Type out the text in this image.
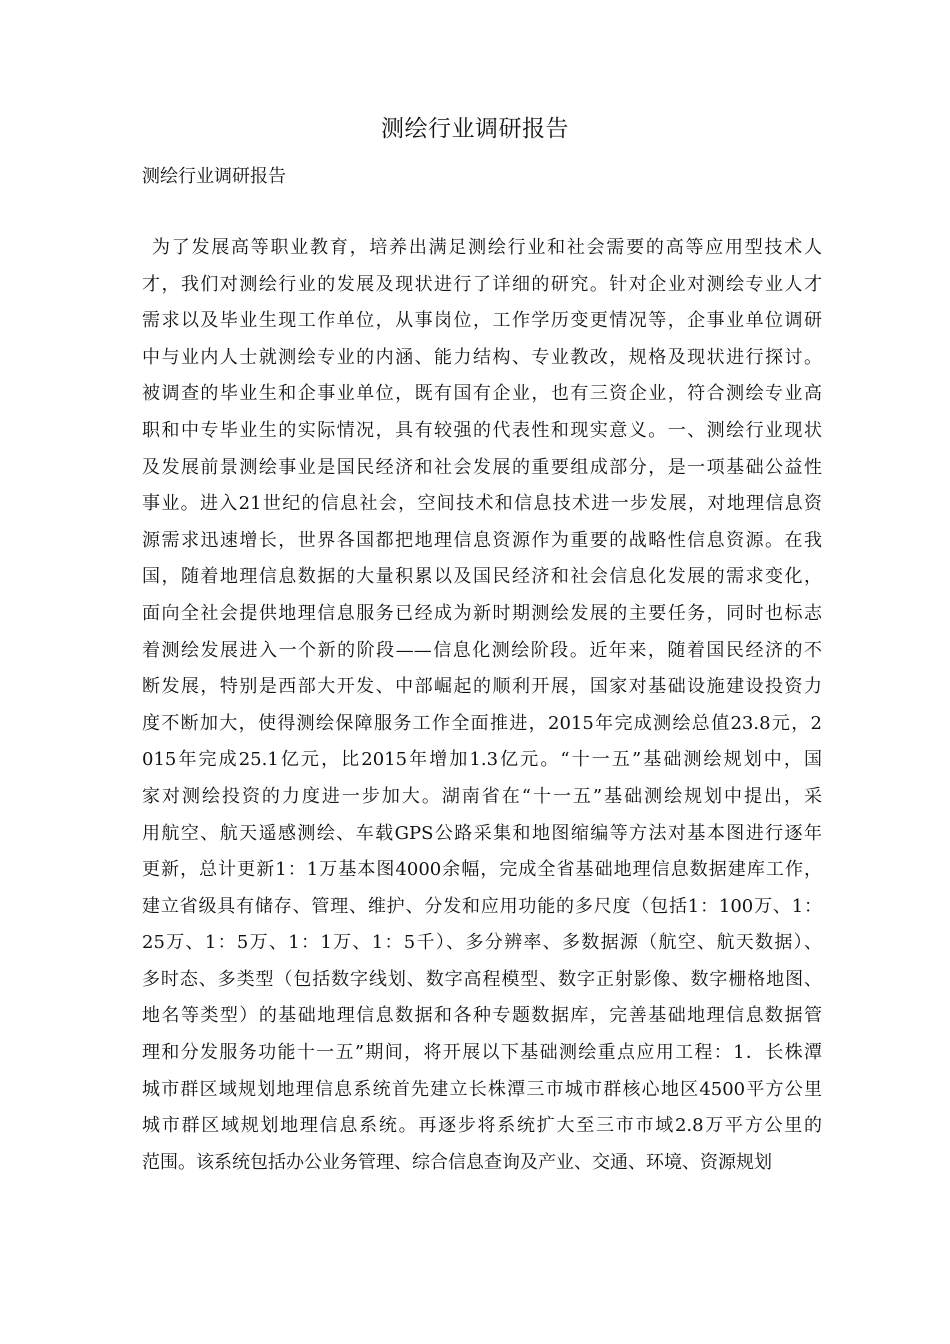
测绘行业调研报告

测绘行业调研报告

为了发展高等职业教育，培养出满足测绘行业和社会需要的高等应用型技术人
才，我们对测绘行业的发展及现状进行了详细的研究。针对企业对测绘专业人才
需求以及毕业生现工作单位，从事岗位，工作学历变更情况等，企事业单位调研
中与业内人士就测绘专业的内涵、能力结构、专业教改，规格及现状进行探讨。
被调查的毕业生和企事业单位，既有国有企业，也有三资企业，符合测绘专业高
职和中专毕业生的实际情况，具有较强的代表性和现实意义。一、测绘行业现状
及发展前景测绘事业是国民经济和社会发展的重要组成部分，是一项基础公益性
事业。进入21世纪的信息社会，空间技术和信息技术进一步发展，对地理信息资
源需求迅速增长，世界各国都把地理信息资源作为重要的战略性信息资源。在我
国，随着地理信息数据的大量积累以及国民经济和社会信息化发展的需求变化，
面向全社会提供地理信息服务已经成为新时期测绘发展的主要任务，同时也标志
着测绘发展进入一个新的阶段——信息化测绘阶段。近年来，随着国民经济的不
断发展，特别是西部大开发、中部崛起的顺利开展，国家对基础设施建设投资力
度不断加大，使得测绘保障服务工作全面推进，2015年完成测绘总值23.8元，2
015年完成25.1亿元，比2015年增加1.3亿元。“十一五”基础测绘规划中，国
家对测绘投资的力度进一步加大。湖南省在“十一五”基础测绘规划中提出，采
用航空、航天遥感测绘、车载GPS公路采集和地图缩编等方法对基本图进行逐年
更新，总计更新1：1万基本图4000余幅，完成全省基础地理信息数据建库工作，
建立省级具有储存、管理、维护、分发和应用功能的多尺度（包括1：100万、1：
25万、1：5万、1：1万、1：5千）、多分辨率、多数据源（航空、航天数据）、
多时态、多类型（包括数字线划、数字高程模型、数字正射影像、数字栅格地图、
地名等类型）的基础地理信息数据和各种专题数据库，完善基础地理信息数据管
理和分发服务功能十一五”期间，将开展以下基础测绘重点应用工程：1．长株潭
城市群区域规划地理信息系统首先建立长株潭三市城市群核心地区4500平方公里
城市群区域规划地理信息系统。再逐步将系统扩大至三市市域2.8万平方公里的
范围。该系统包括办公业务管理、综合信息查询及产业、交通、环境、资源规划
